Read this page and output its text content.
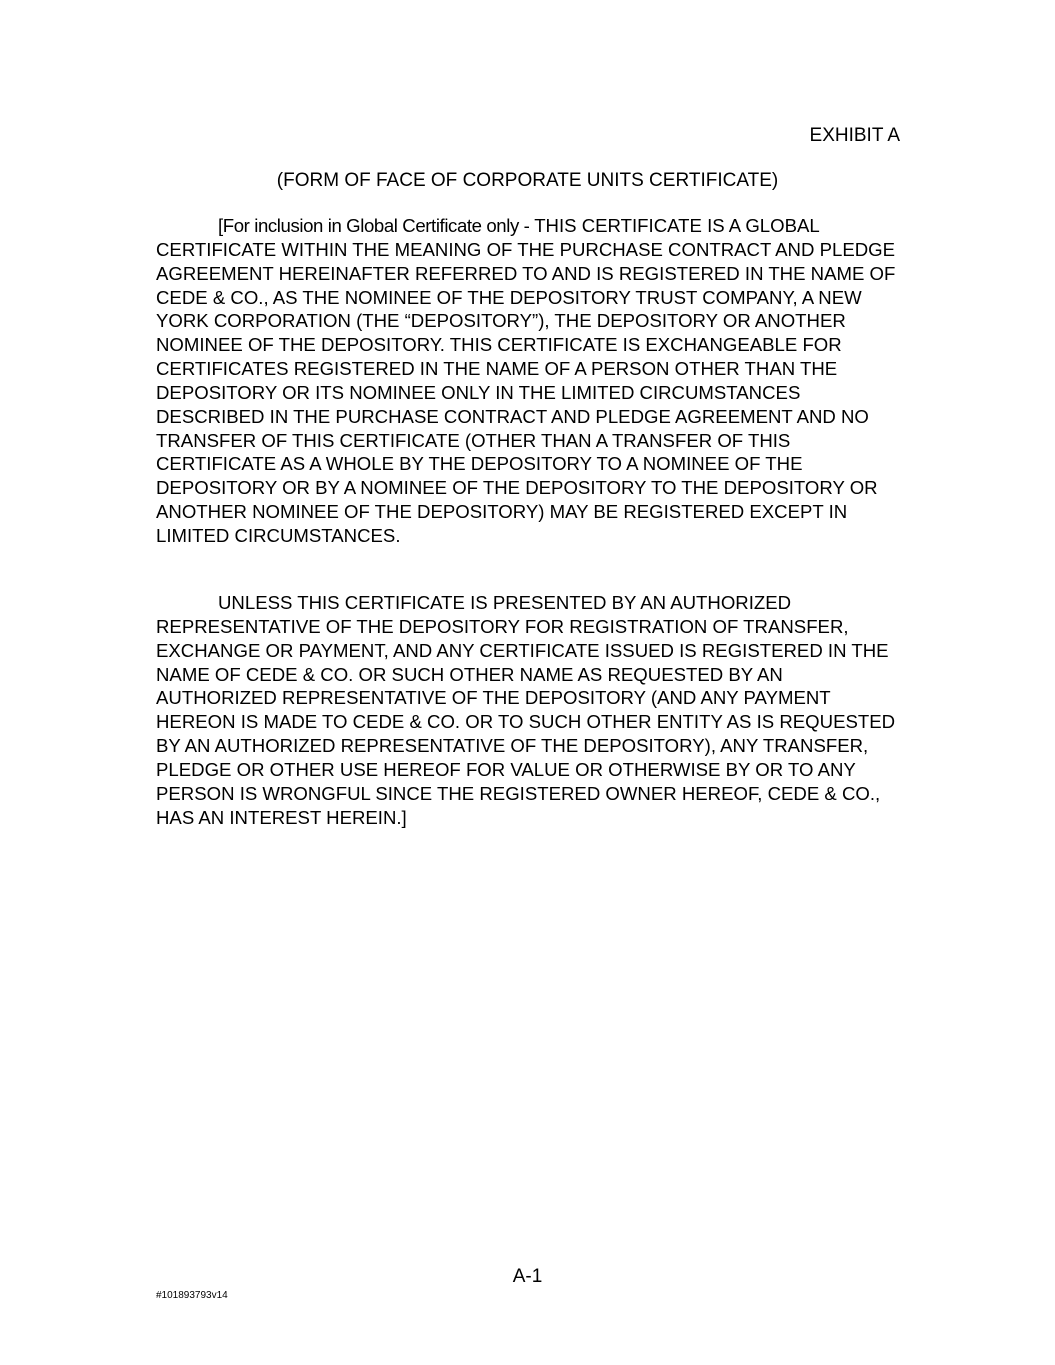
EXHIBIT A
(FORM OF FACE OF CORPORATE UNITS CERTIFICATE)

[For inclusion in Global Certificate only - THIS CERTIFICATE IS A GLOBAL CERTIFICATE WITHIN THE MEANING OF THE PURCHASE CONTRACT AND PLEDGE AGREEMENT HEREINAFTER REFERRED TO AND IS REGISTERED IN THE NAME OF CEDE & CO., AS THE NOMINEE OF THE DEPOSITORY TRUST COMPANY, A NEW YORK CORPORATION (THE “DEPOSITORY”), THE DEPOSITORY OR ANOTHER NOMINEE OF THE DEPOSITORY. THIS CERTIFICATE IS EXCHANGEABLE FOR CERTIFICATES REGISTERED IN THE NAME OF A PERSON OTHER THAN THE DEPOSITORY OR ITS NOMINEE ONLY IN THE LIMITED CIRCUMSTANCES DESCRIBED IN THE PURCHASE CONTRACT AND PLEDGE AGREEMENT AND NO TRANSFER OF THIS CERTIFICATE (OTHER THAN A TRANSFER OF THIS CERTIFICATE AS A WHOLE BY THE DEPOSITORY TO A NOMINEE OF THE DEPOSITORY OR BY A NOMINEE OF THE DEPOSITORY TO THE DEPOSITORY OR ANOTHER NOMINEE OF THE DEPOSITORY) MAY BE REGISTERED EXCEPT IN LIMITED CIRCUMSTANCES.

UNLESS THIS CERTIFICATE IS PRESENTED BY AN AUTHORIZED REPRESENTATIVE OF THE DEPOSITORY FOR REGISTRATION OF TRANSFER, EXCHANGE OR PAYMENT, AND ANY CERTIFICATE ISSUED IS REGISTERED IN THE NAME OF CEDE & CO. OR SUCH OTHER NAME AS REQUESTED BY AN AUTHORIZED REPRESENTATIVE OF THE DEPOSITORY (AND ANY PAYMENT HEREON IS MADE TO CEDE & CO. OR TO SUCH OTHER ENTITY AS IS REQUESTED BY AN AUTHORIZED REPRESENTATIVE OF THE DEPOSITORY), ANY TRANSFER, PLEDGE OR OTHER USE HEREOF FOR VALUE OR OTHERWISE BY OR TO ANY PERSON IS WRONGFUL SINCE THE REGISTERED OWNER HEREOF, CEDE & CO., HAS AN INTEREST HEREIN.]

A-1
#101893793v14
